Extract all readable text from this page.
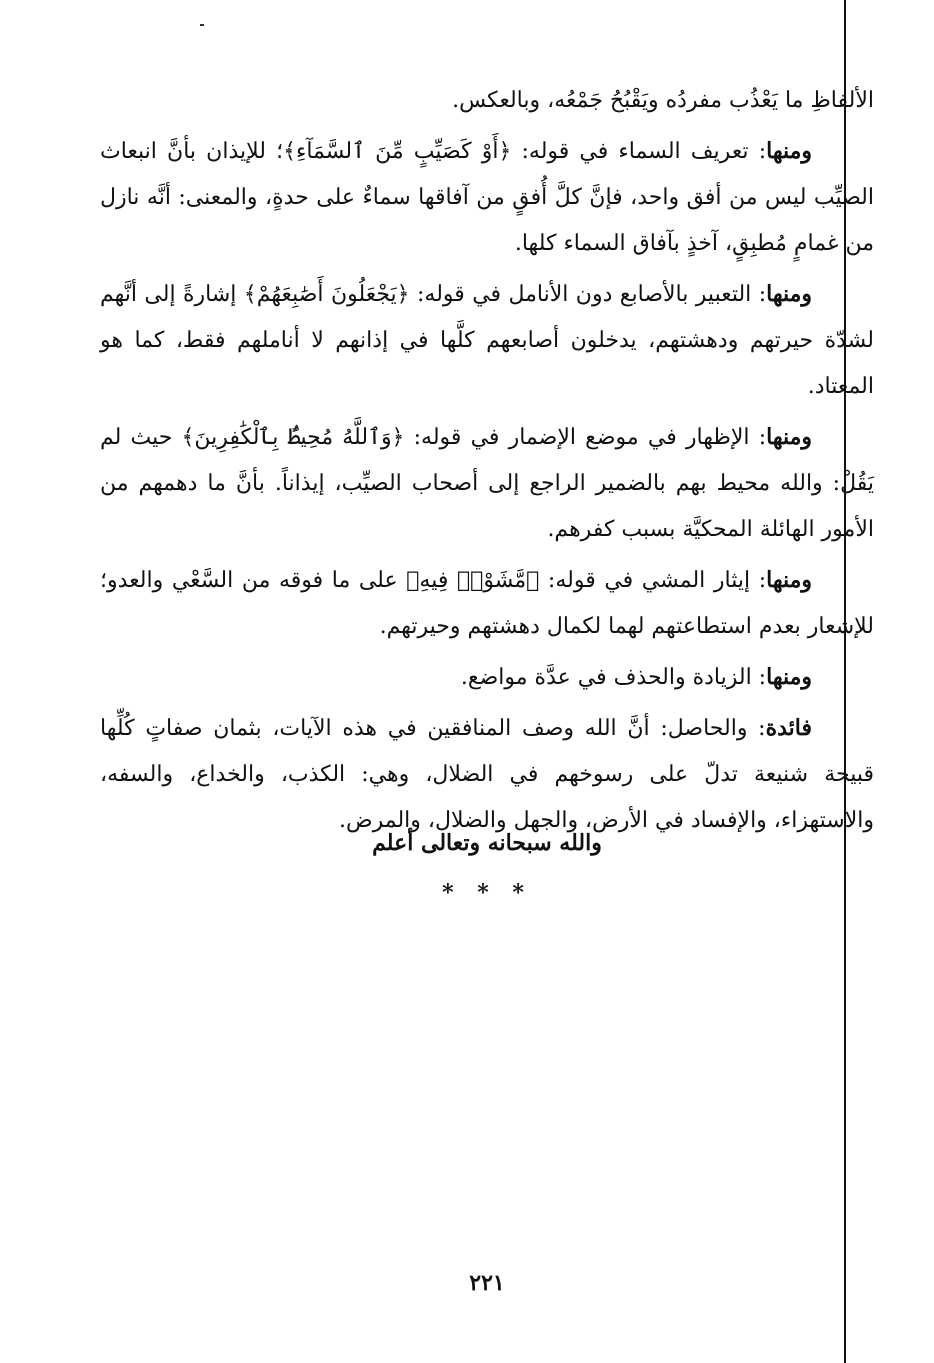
الألفاظِ ما يَعْذُب مفردُه ويَقْبُحُ جَمْعُه، وبالعكس.

ومنها: تعريف السماء في قوله: ﴿أَوْ كَصَيِّبٍ مِّنَ ٱلسَّمَآءِ﴾؛ للإيذان بأنَّ انبعاث الصيِّب ليس من أفق واحد، فإنَّ كلَّ أُفقٍ من آفاقها سماءٌ على حدةٍ، والمعنى: أنَّه نازل من غمامٍ مُطبِقٍ، آخذٍ بآفاق السماء كلها.

ومنها: التعبير بالأصابع دون الأنامل في قوله: ﴿يَجْعَلُونَ أَصَٰبِعَهُمْ﴾ إشارةً إلى أنَّهم لشدّة حيرتهم ودهشتهم، يدخلون أصابعهم كلَّها في إذانهم لا أناملهم فقط، كما هو المعتاد.

ومنها: الإظهار في موضع الإضمار في قوله: ﴿وَٱللَّهُ مُحِيطٌۢ بِٱلْكَٰفِرِينَ﴾ حيث لم يَقُلْ: والله محيط بهم بالضمير الراجع إلى أصحاب الصيِّب، إيذاناً. بأنَّ ما دهمهم من الأمور الهائلة المحكيَّة بسبب كفرهم.

ومنها: إيثار المشي في قوله: ﴿مَّشَوْا۟ فِيهِ﴾ على ما فوقه من السَّعْي والعدو؛ للإشعار بعدم استطاعتهم لهما لكمال دهشتهم وحيرتهم.

ومنها: الزيادة والحذف في عدَّة مواضع.

فائدة: والحاصل: أنَّ الله وصف المنافقين في هذه الآيات، بثمان صفاتٍ كُلِّها قبيحة شنيعة تدلّ على رسوخهم في الضلال، وهي: الكذب، والخداع، والسفه، والاستهزاء، والإفساد في الأرض، والجهل والضلال، والمرض.

والله سبحانه وتعالى أعلم
* * *
٢٢١
